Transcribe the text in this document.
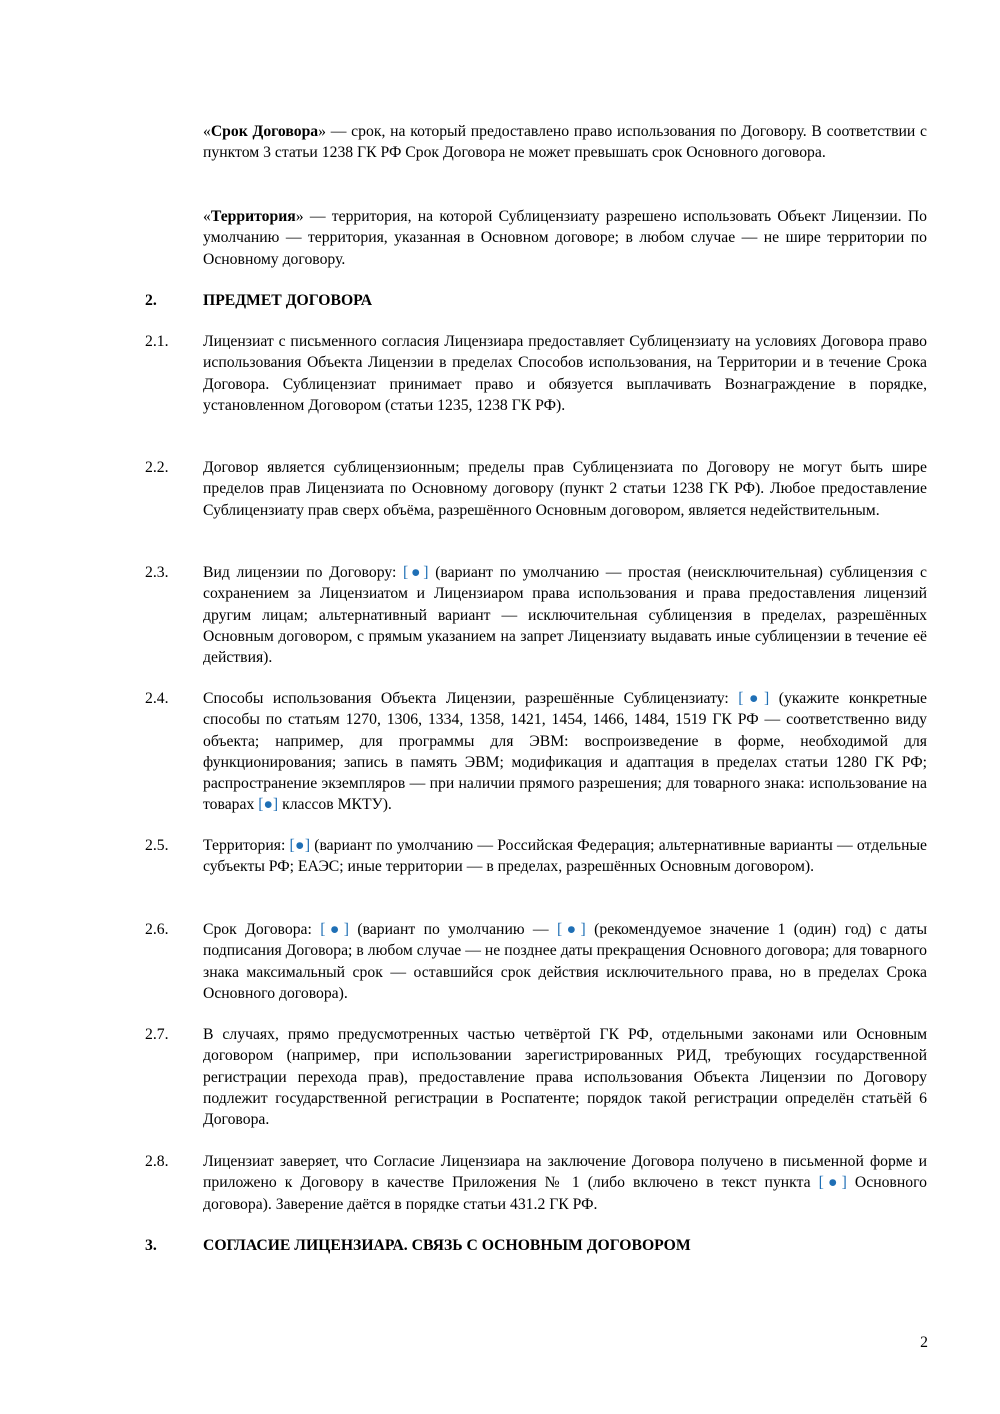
«Срок Договора» — срок, на который предоставлено право использования по Договору. В соответствии с пунктом 3 статьи 1238 ГК РФ Срок Договора не может превышать срок Основного договора.

«Территория» — территория, на которой Сублицензиату разрешено использовать Объект Лицензии. По умолчанию — территория, указанная в Основном договоре; в любом случае — не шире территории по Основному договору.

2.	ПРЕДМЕТ ДОГОВОРА
2.1.	Лицензиат с письменного согласия Лицензиара предоставляет Сублицензиату на условиях Договора право использования Объекта Лицензии в пределах Способов использования, на Территории и в течение Срока Договора. Сублицензиат принимает право и обязуется выплачивать Вознаграждение в порядке, установленном Договором (статьи 1235, 1238 ГК РФ).

2.2.	Договор является сублицензионным; пределы прав Сублицензиата по Договору не могут быть шире пределов прав Лицензиата по Основному договору (пункт 2 статьи 1238 ГК РФ). Любое предоставление Сублицензиату прав сверх объёма, разрешённого Основным договором, является недействительным.

2.3.	Вид лицензии по Договору: [●] (вариант по умолчанию — простая (неисключительная) сублицензия с сохранением за Лицензиатом и Лицензиаром права использования и права предоставления лицензий другим лицам; альтернативный вариант — исключительная сублицензия в пределах, разрешённых Основным договором, с прямым указанием на запрет Лицензиату выдавать иные сублицензии в течение её действия).

2.4.	Способы использования Объекта Лицензии, разрешённые Сублицензиату: [●] (укажите конкретные способы по статьям 1270, 1306, 1334, 1358, 1421, 1454, 1466, 1484, 1519 ГК РФ — соответственно виду объекта; например, для программы для ЭВМ: воспроизведение в форме, необходимой для функционирования; запись в память ЭВМ; модификация и адаптация в пределах статьи 1280 ГК РФ; распространение экземпляров — при наличии прямого разрешения; для товарного знака: использование на товарах [●] классов МКТУ).

2.5.	Территория: [●] (вариант по умолчанию — Российская Федерация; альтернативные варианты — отдельные субъекты РФ; ЕАЭС; иные территории — в пределах, разрешённых Основным договором).

2.6.	Срок Договора: [●] (вариант по умолчанию — [●] (рекомендуемое значение 1 (один) год) с даты подписания Договора; в любом случае — не позднее даты прекращения Основного договора; для товарного знака максимальный срок — оставшийся срок действия исключительного права, но в пределах Срока Основного договора).

2.7.	В случаях, прямо предусмотренных частью четвёртой ГК РФ, отдельными законами или Основным договором (например, при использовании зарегистрированных РИД, требующих государственной регистрации перехода прав), предоставление права использования Объекта Лицензии по Договору подлежит государственной регистрации в Роспатенте; порядок такой регистрации определён статьёй 6 Договора.

2.8.	Лицензиат заверяет, что Согласие Лицензиара на заключение Договора получено в письменной форме и приложено к Договору в качестве Приложения № 1 (либо включено в текст пункта [●] Основного договора). Заверение даётся в порядке статьи 431.2 ГК РФ.

3.	СОГЛАСИЕ ЛИЦЕНЗИАРА. СВЯЗЬ С ОСНОВНЫМ ДОГОВОРОМ
2
